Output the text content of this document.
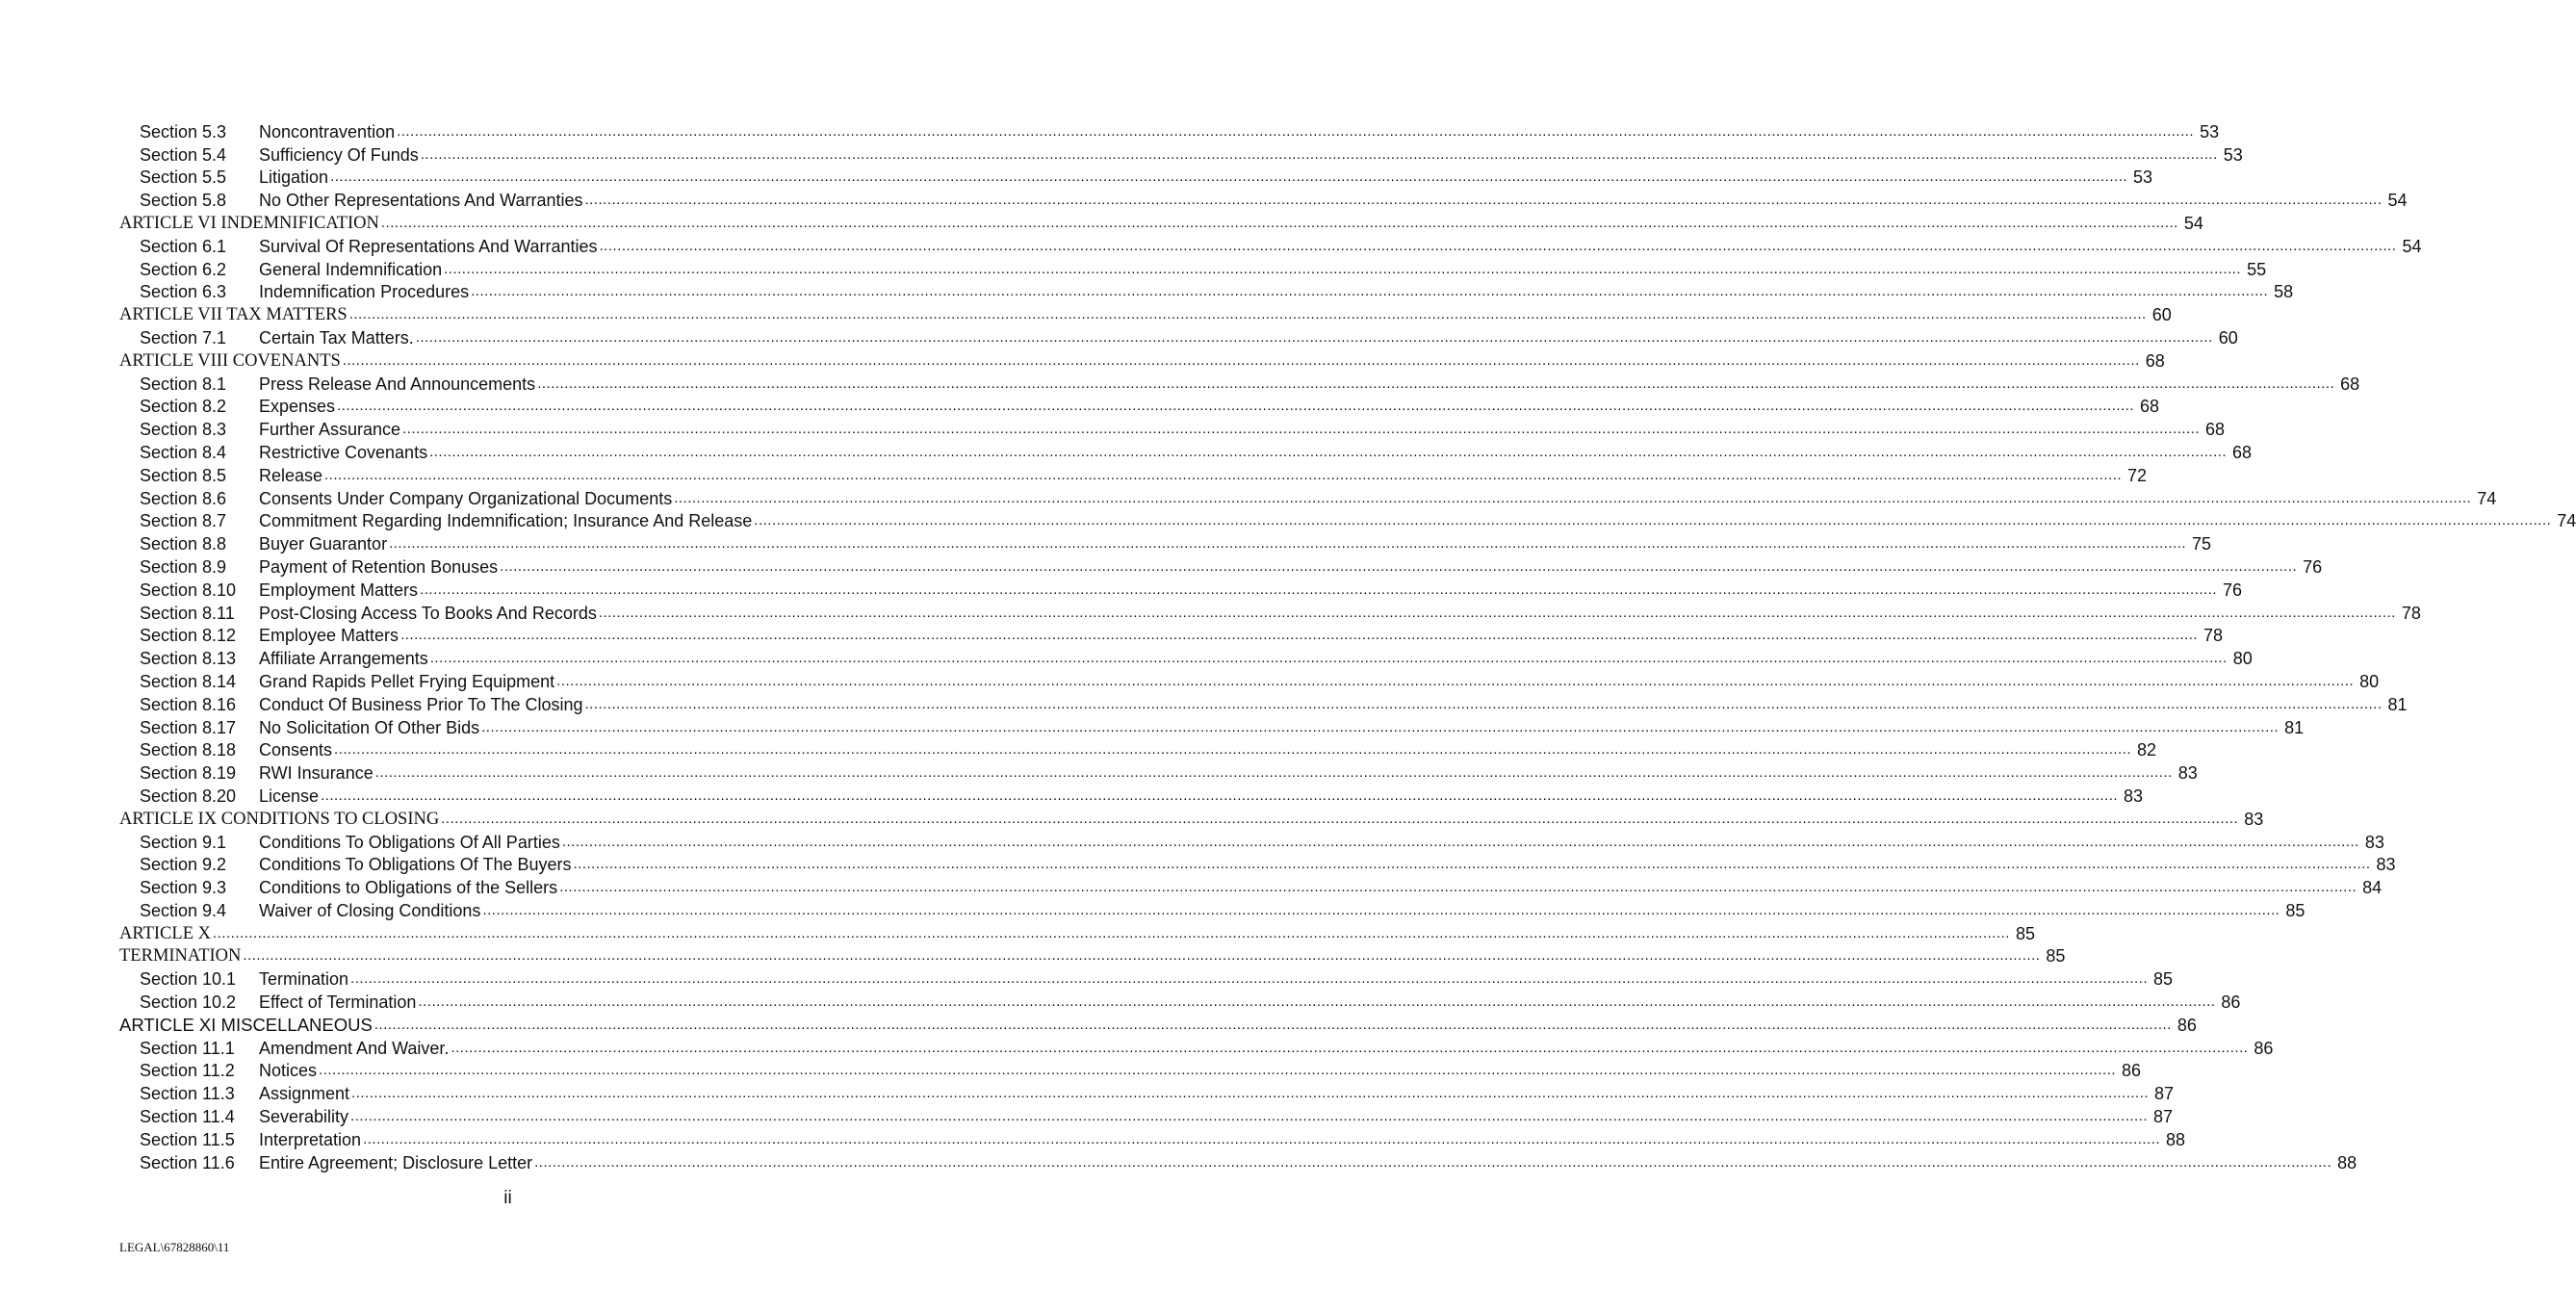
Section 5.3	Noncontravention ................................................................................................................................................................................................................................................................................................................................................................................................................ 53
Section 5.4	Sufficiency Of Funds ................................................................................................................................................................................................................................................................................................................................................................................................................ 53
Section 5.5	Litigation ................................................................................................................................................................................................................................................................................................................................................................................................................ 53
Section 5.8	No Other Representations And Warranties ................................................................................................................................................................................................................................................................................................................................................................................................................ 54
ARTICLE VI INDEMNIFICATION ................................................................................................................................................................................................................................................................................................................................................................................................................ 54
Section 6.1	Survival Of Representations And Warranties ................................................................................................................................................................................................................................................................................................................................................................................................................ 54
Section 6.2	General Indemnification ................................................................................................................................................................................................................................................................................................................................................................................................................ 55
Section 6.3	Indemnification Procedures ................................................................................................................................................................................................................................................................................................................................................................................................................ 58
ARTICLE VII TAX MATTERS ................................................................................................................................................................................................................................................................................................................................................................................................................ 60
Section 7.1	Certain Tax Matters. ................................................................................................................................................................................................................................................................................................................................................................................................................ 60
ARTICLE VIII COVENANTS ................................................................................................................................................................................................................................................................................................................................................................................................................ 68
Section 8.1	Press Release And Announcements ................................................................................................................................................................................................................................................................................................................................................................................................................ 68
Section 8.2	Expenses ................................................................................................................................................................................................................................................................................................................................................................................................................ 68
Section 8.3	Further Assurance ................................................................................................................................................................................................................................................................................................................................................................................................................ 68
Section 8.4	Restrictive Covenants ................................................................................................................................................................................................................................................................................................................................................................................................................ 68
Section 8.5	Release ................................................................................................................................................................................................................................................................................................................................................................................................................ 72
Section 8.6	Consents Under Company Organizational Documents ................................................................................................................................................................................................................................................................................................................................................................................................................ 74
Section 8.7	Commitment Regarding Indemnification; Insurance And Release ................................................................................................................................................................................................................................................................................................................................................................................................................ 74
Section 8.8	Buyer Guarantor ................................................................................................................................................................................................................................................................................................................................................................................................................ 75
Section 8.9	Payment of Retention Bonuses ................................................................................................................................................................................................................................................................................................................................................................................................................ 76
Section 8.10	Employment Matters ................................................................................................................................................................................................................................................................................................................................................................................................................ 76
Section 8.11	Post-Closing Access To Books And Records ................................................................................................................................................................................................................................................................................................................................................................................................................ 78
Section 8.12	Employee Matters ................................................................................................................................................................................................................................................................................................................................................................................................................ 78
Section 8.13	Affiliate Arrangements ................................................................................................................................................................................................................................................................................................................................................................................................................ 80
Section 8.14	Grand Rapids Pellet Frying Equipment ................................................................................................................................................................................................................................................................................................................................................................................................................ 80
Section 8.16	Conduct Of Business Prior To The Closing ................................................................................................................................................................................................................................................................................................................................................................................................................ 81
Section 8.17	No Solicitation Of Other Bids ................................................................................................................................................................................................................................................................................................................................................................................................................ 81
Section 8.18	Consents ................................................................................................................................................................................................................................................................................................................................................................................................................ 82
Section 8.19	RWI Insurance ................................................................................................................................................................................................................................................................................................................................................................................................................ 83
Section 8.20	License ................................................................................................................................................................................................................................................................................................................................................................................................................ 83
ARTICLE IX CONDITIONS TO CLOSING ................................................................................................................................................................................................................................................................................................................................................................................................................ 83
Section 9.1	Conditions To Obligations Of All Parties ................................................................................................................................................................................................................................................................................................................................................................................................................ 83
Section 9.2	Conditions To Obligations Of The Buyers ................................................................................................................................................................................................................................................................................................................................................................................................................ 83
Section 9.3	Conditions to Obligations of the Sellers ................................................................................................................................................................................................................................................................................................................................................................................................................ 84
Section 9.4	Waiver of Closing Conditions ................................................................................................................................................................................................................................................................................................................................................................................................................ 85
ARTICLE X ................................................................................................................................................................................................................................................................................................................................................................................................................ 85
TERMINATION ................................................................................................................................................................................................................................................................................................................................................................................................................ 85
Section 10.1	Termination ................................................................................................................................................................................................................................................................................................................................................................................................................ 85
Section 10.2	Effect of Termination ................................................................................................................................................................................................................................................................................................................................................................................................................ 86
ARTICLE XI MISCELLANEOUS ................................................................................................................................................................................................................................................................................................................................................................................................................ 86
Section 11.1	Amendment And Waiver. ................................................................................................................................................................................................................................................................................................................................................................................................................ 86
Section 11.2	Notices ................................................................................................................................................................................................................................................................................................................................................................................................................ 86
Section 11.3	Assignment ................................................................................................................................................................................................................................................................................................................................................................................................................ 87
Section 11.4	Severability ................................................................................................................................................................................................................................................................................................................................................................................................................ 87
Section 11.5	Interpretation ................................................................................................................................................................................................................................................................................................................................................................................................................ 88
Section 11.6	Entire Agreement; Disclosure Letter ................................................................................................................................................................................................................................................................................................................................................................................................................ 88
ii
LEGAL\67828860\11
